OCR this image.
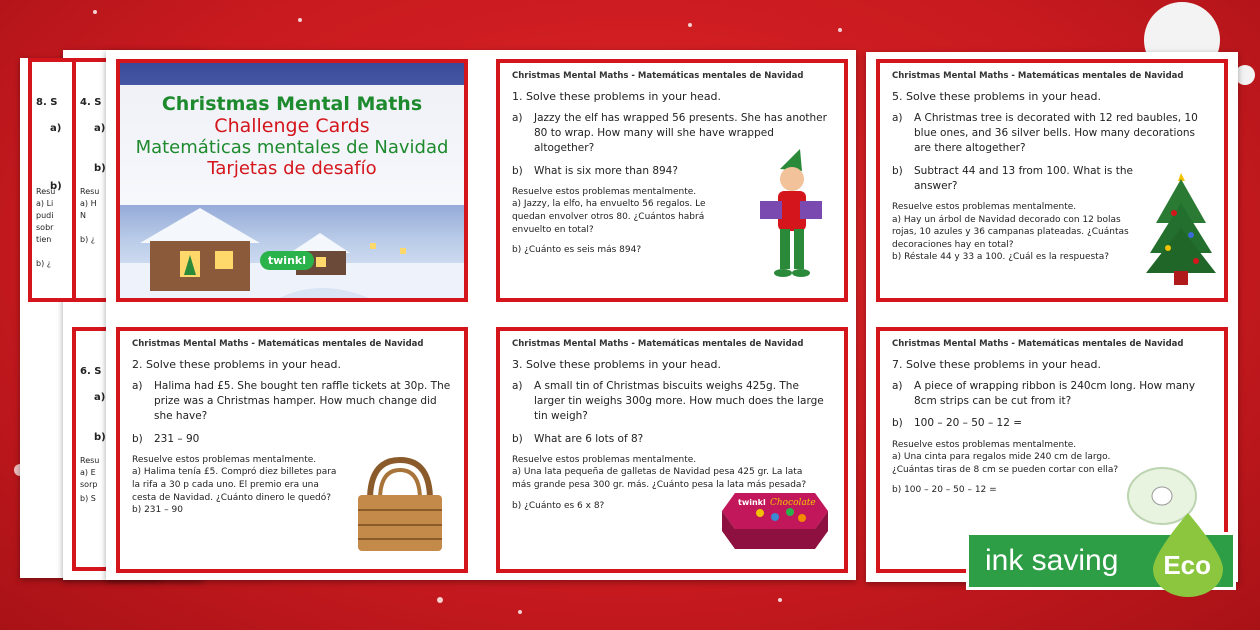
8. S
a)
b)
Resu
a) Li
pudi
sobr
tien
b) ¿
4. S
a)
b)
Resu
a) H
N
b) ¿
6. S
a)
b)
Resu
a) E
sorp
b) S
Christmas Mental Maths
Challenge Cards
Matemáticas mentales de Navidad
Tarjetas de desafío
twinkl
Christmas Mental Maths - Matemáticas mentales de Navidad
1. Solve these problems in your head.
a)	Jazzy the elf has wrapped 56 presents. She has another 80 to wrap. How many will she have wrapped altogether?
b)	What is six more than 894?

Resuelve estos problemas mentalmente.

a) Jazzy, la elfo, ha envuelto 56 regalos. Le quedan envolver otros 80. ¿Cuántos habrá envuelto en total?

b) ¿Cuánto es seis más 894?

Christmas Mental Maths - Matemáticas mentales de Navidad
5. Solve these problems in your head.
a)	A Christmas tree is decorated with 12 red baubles, 10 blue ones, and 36 silver bells. How many decorations are there altogether?
b)	Subtract 44 and 13 from 100. What is the answer?

Resuelve estos problemas mentalmente.

a) Hay un árbol de Navidad decorado con 12 bolas rojas, 10 azules y 36 campanas plateadas. ¿Cuántas decoraciones hay en total?

b) Réstale 44 y 33 a 100. ¿Cuál es la respuesta?

Christmas Mental Maths - Matemáticas mentales de Navidad
2. Solve these problems in your head.
a)	Halima had £5. She bought ten raffle tickets at 30p. The prize was a Christmas hamper. How much change did she have?
b)	231 – 90

Resuelve estos problemas mentalmente.

a) Halima tenía £5. Compró diez billetes para la rifa a 30 p cada uno. El premio era una cesta de Navidad. ¿Cuánto dinero le quedó?

b) 231 – 90

Christmas Mental Maths - Matemáticas mentales de Navidad
3. Solve these problems in your head.
a)	A small tin of Christmas biscuits weighs 425g. The larger tin weighs 300g more. How much does the large tin weigh?
b)	What are 6 lots of 8?

Resuelve estos problemas mentalmente.

a) Una lata pequeña de galletas de Navidad pesa 425 gr. La lata más grande pesa 300 gr. más. ¿Cuánto pesa la lata más pesada?

b) ¿Cuánto es 6 x 8?	twinkl Chocolate
Christmas Mental Maths - Matemáticas mentales de Navidad
7. Solve these problems in your head.
a)	A piece of wrapping ribbon is 240cm long. How many 8cm strips can be cut from it?
b)	100 – 20 – 50 – 12 =

Resuelve estos problemas mentalmente.

a) Una cinta para regalos mide 240 cm de largo. ¿Cuántas tiras de 8 cm se pueden cortar con ella?

b) 100 – 20 – 50 – 12 =

ink saving Eco
